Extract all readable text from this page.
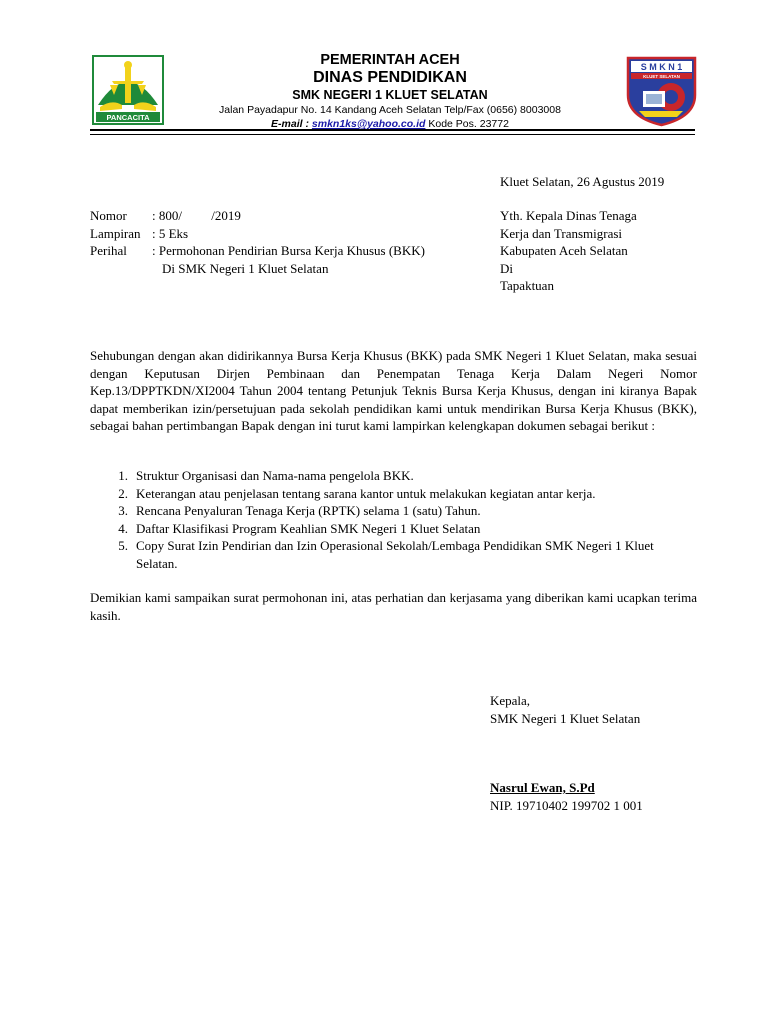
PANCACITA
PEMERINTAH ACEH
DINAS PENDIDIKAN
SMK NEGERI 1 KLUET SELATAN
Jalan Payadapur No. 14 Kandang Aceh Selatan Telp/Fax (0656) 8003008
E-mail : smkn1ks@yahoo.co.id Kode Pos. 23772
S M K N 1
KLUET SELATAN
Kluet Selatan, 26 Agustus 2019
Nomor	: 800/         /2019
Lampiran : 5 Eks
Perihal	: Permohonan Pendirian Bursa Kerja Khusus (BKK)
Di SMK Negeri 1 Kluet Selatan
Yth. Kepala Dinas Tenaga
Kerja dan Transmigrasi
Kabupaten Aceh Selatan
Di
Tapaktuan
Sehubungan dengan akan didirikannya Bursa Kerja Khusus (BKK) pada SMK Negeri 1 Kluet Selatan, maka sesuai dengan Keputusan Dirjen Pembinaan dan Penempatan Tenaga Kerja Dalam Negeri Nomor Kep.13/DPPTKDN/XI2004 Tahun 2004 tentang Petunjuk Teknis Bursa Kerja Khusus, dengan ini kiranya Bapak dapat memberikan izin/persetujuan pada sekolah pendidikan kami untuk mendirikan Bursa Kerja Khusus (BKK), sebagai bahan pertimbangan Bapak dengan ini turut kami lampirkan kelengkapan dokumen sebagai berikut :
1. Struktur Organisasi dan Nama-nama pengelola BKK.
2. Keterangan atau penjelasan tentang sarana kantor untuk melakukan kegiatan antar kerja.
3. Rencana Penyaluran Tenaga Kerja (RPTK) selama 1 (satu) Tahun.
4. Daftar Klasifikasi Program Keahlian SMK Negeri 1 Kluet Selatan
5. Copy Surat Izin Pendirian dan Izin Operasional Sekolah/Lembaga Pendidikan SMK Negeri 1 Kluet Selatan.
Demikian kami sampaikan surat permohonan ini, atas perhatian dan kerjasama yang diberikan kami ucapkan terima kasih.
Kepala,
SMK Negeri 1 Kluet Selatan
Nasrul Ewan, S.Pd
NIP. 19710402 199702 1 001
